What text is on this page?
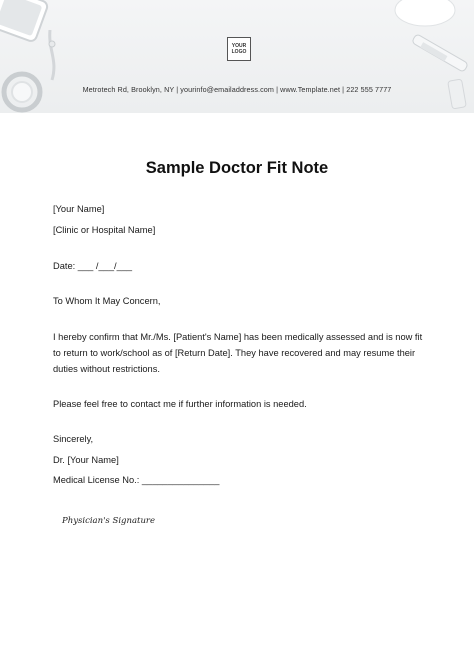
YOUR
LOGO
Metrotech Rd, Brooklyn, NY | yourinfo@emailaddress.com | www.Template.net | 222 555 7777
Sample Doctor Fit Note
[Your Name]
[Clinic or Hospital Name]
Date: ___ /___/___
To Whom It May Concern,
I hereby confirm that Mr./Ms. [Patient's Name] has been medically assessed and is now fit to return to work/school as of [Return Date]. They have recovered and may resume their duties without restrictions.
Please feel free to contact me if further information is needed.
Sincerely,
Dr. [Your Name]
Medical License No.: _______________
Physician's Signature
